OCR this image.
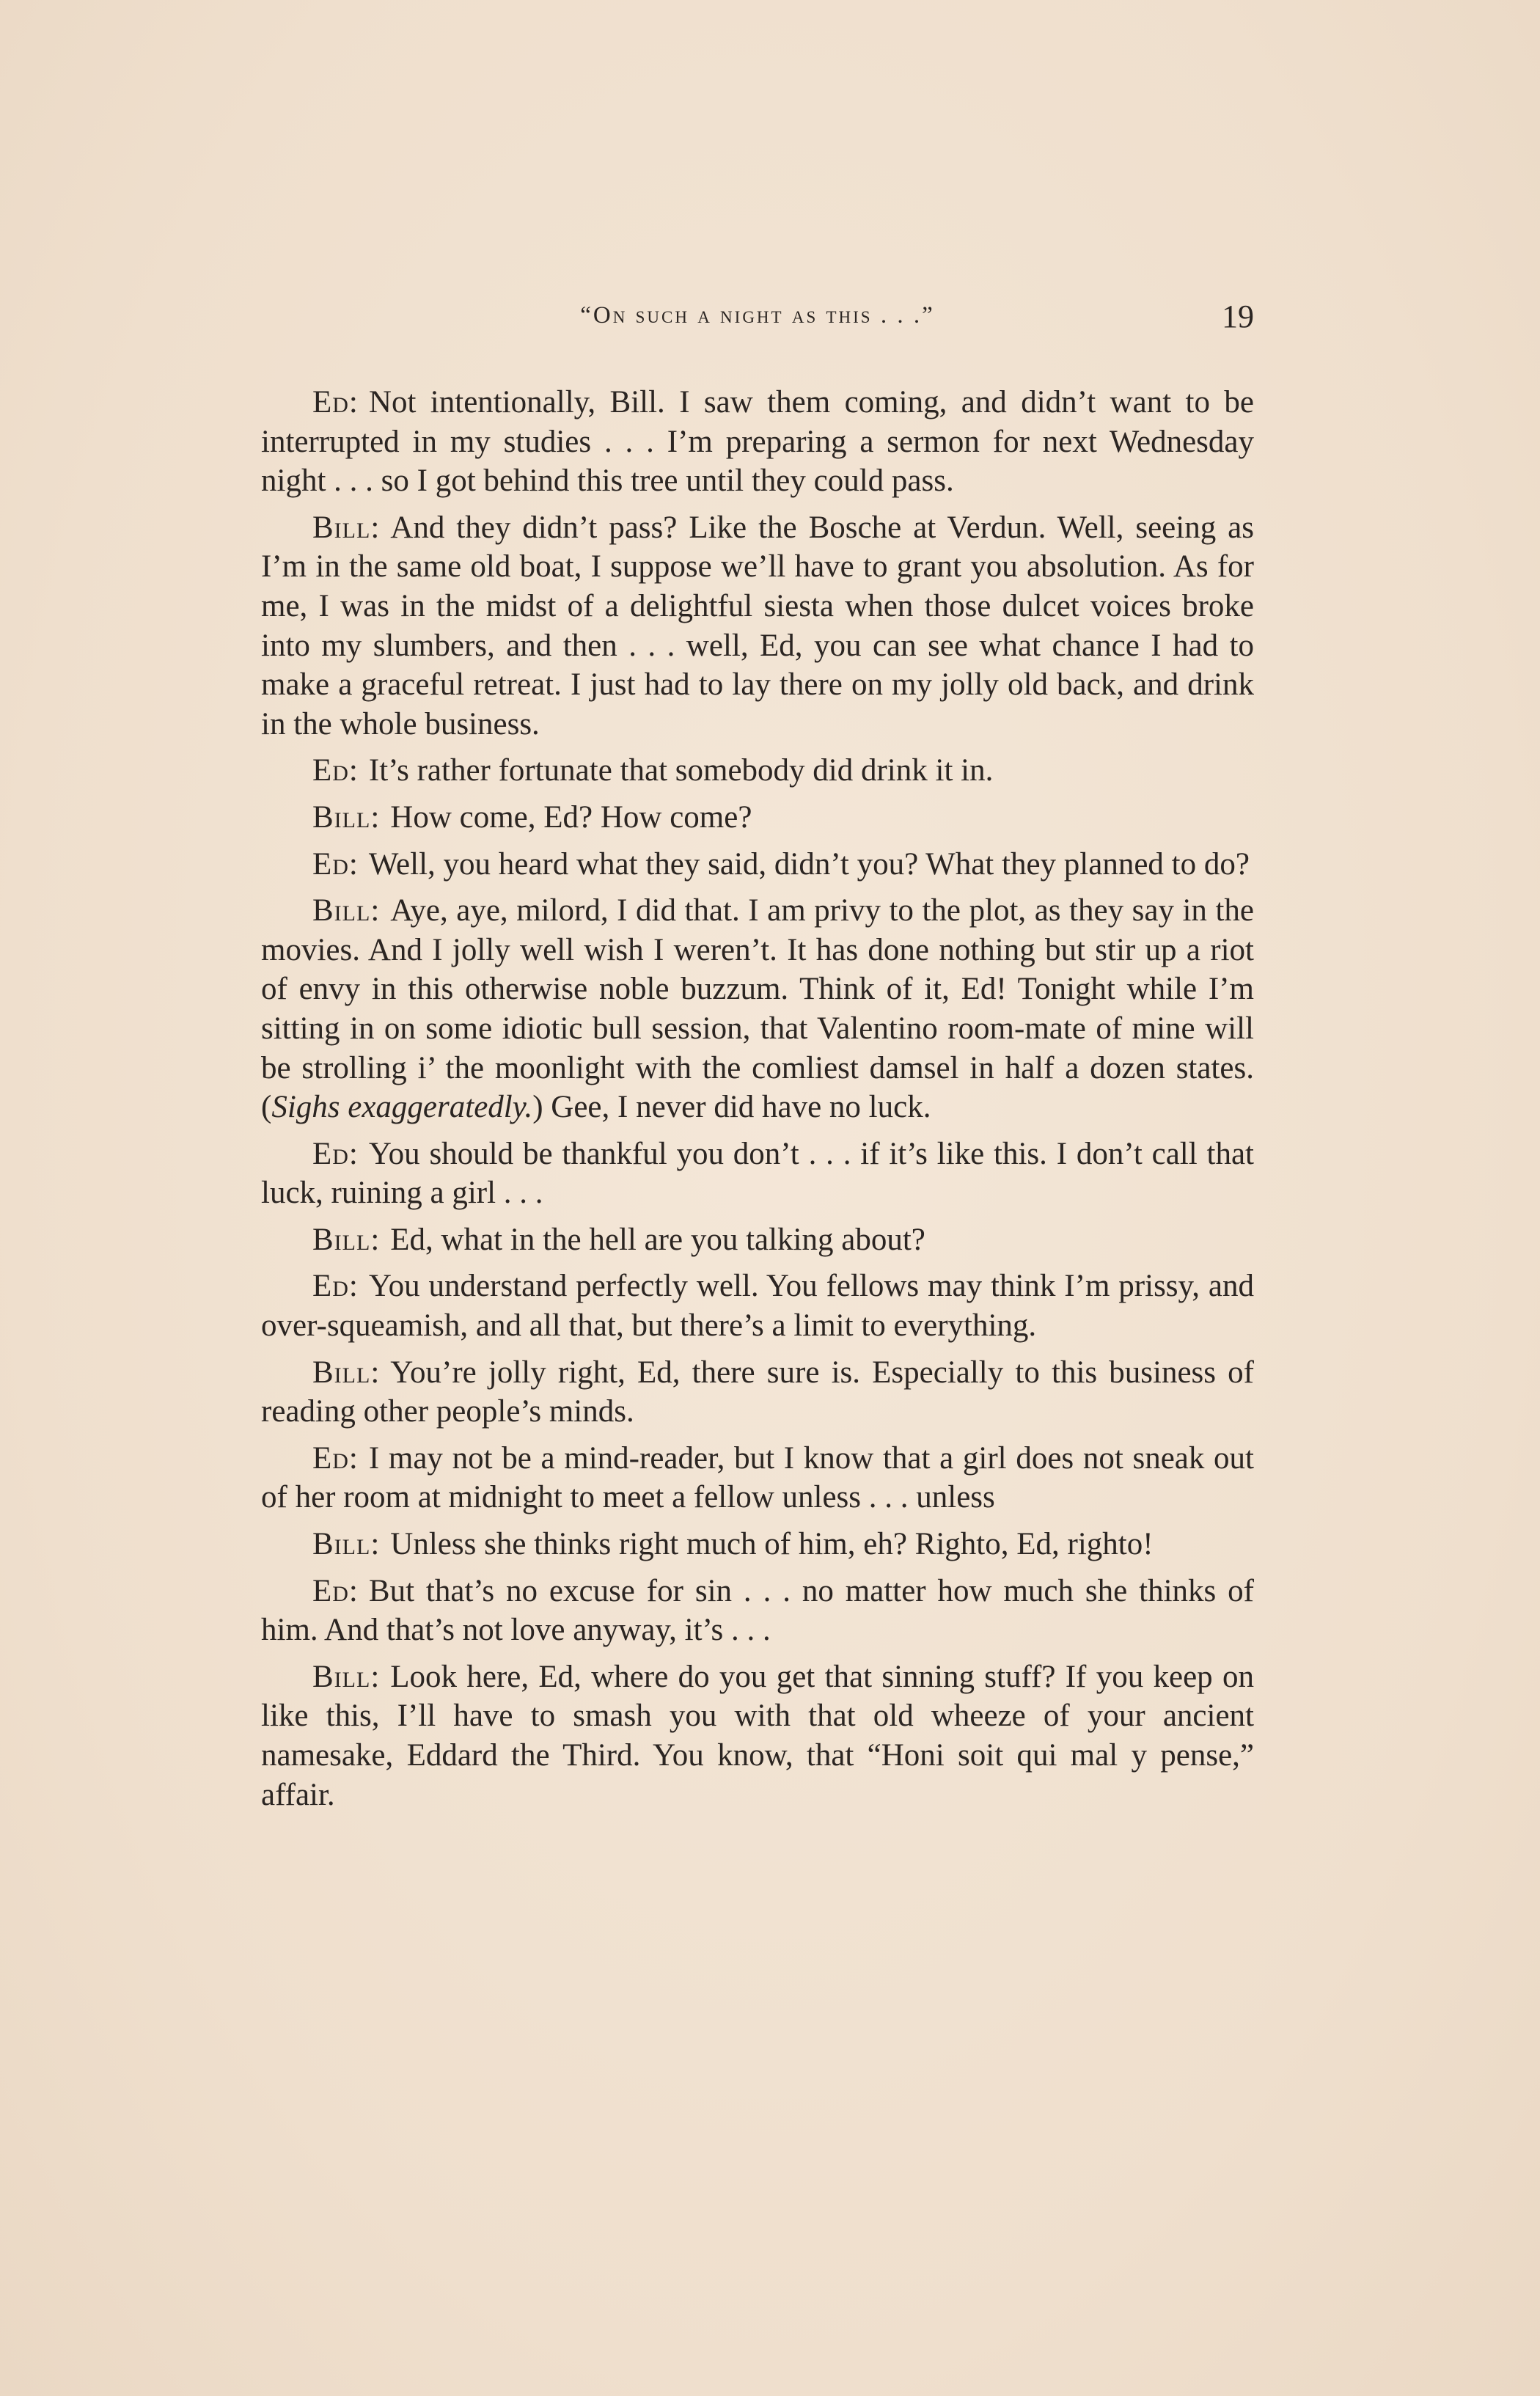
“On such a night as this . . .”	19

Ed: Not intentionally, Bill. I saw them coming, and didn’t want to be interrupted in my studies . . . I’m preparing a sermon for next Wednesday night . . . so I got behind this tree until they could pass.

Bill: And they didn’t pass? Like the Bosche at Verdun. Well, seeing as I’m in the same old boat, I suppose we’ll have to grant you absolution. As for me, I was in the midst of a delightful siesta when those dulcet voices broke into my slumbers, and then . . . well, Ed, you can see what chance I had to make a graceful retreat. I just had to lay there on my jolly old back, and drink in the whole business.

Ed: It’s rather fortunate that somebody did drink it in.

Bill: How come, Ed? How come?

Ed: Well, you heard what they said, didn’t you? What they planned to do?

Bill: Aye, aye, milord, I did that. I am privy to the plot, as they say in the movies. And I jolly well wish I weren’t. It has done nothing but stir up a riot of envy in this otherwise noble buzzum. Think of it, Ed! Tonight while I’m sitting in on some idiotic bull session, that Valentino room-mate of mine will be strolling i’ the moonlight with the comliest damsel in half a dozen states. (Sighs exaggeratedly.) Gee, I never did have no luck.

Ed: You should be thankful you don’t . . . if it’s like this. I don’t call that luck, ruining a girl . . .

Bill: Ed, what in the hell are you talking about?

Ed: You understand perfectly well. You fellows may think I’m prissy, and over-squeamish, and all that, but there’s a limit to everything.

Bill: You’re jolly right, Ed, there sure is. Especially to this business of reading other people’s minds.

Ed: I may not be a mind-reader, but I know that a girl does not sneak out of her room at midnight to meet a fellow unless . . . unless

Bill: Unless she thinks right much of him, eh? Righto, Ed, righto!

Ed: But that’s no excuse for sin . . . no matter how much she thinks of him. And that’s not love anyway, it’s . . .

Bill: Look here, Ed, where do you get that sinning stuff? If you keep on like this, I’ll have to smash you with that old wheeze of your ancient namesake, Eddard the Third. You know, that “Honi soit qui mal y pense,” affair.
